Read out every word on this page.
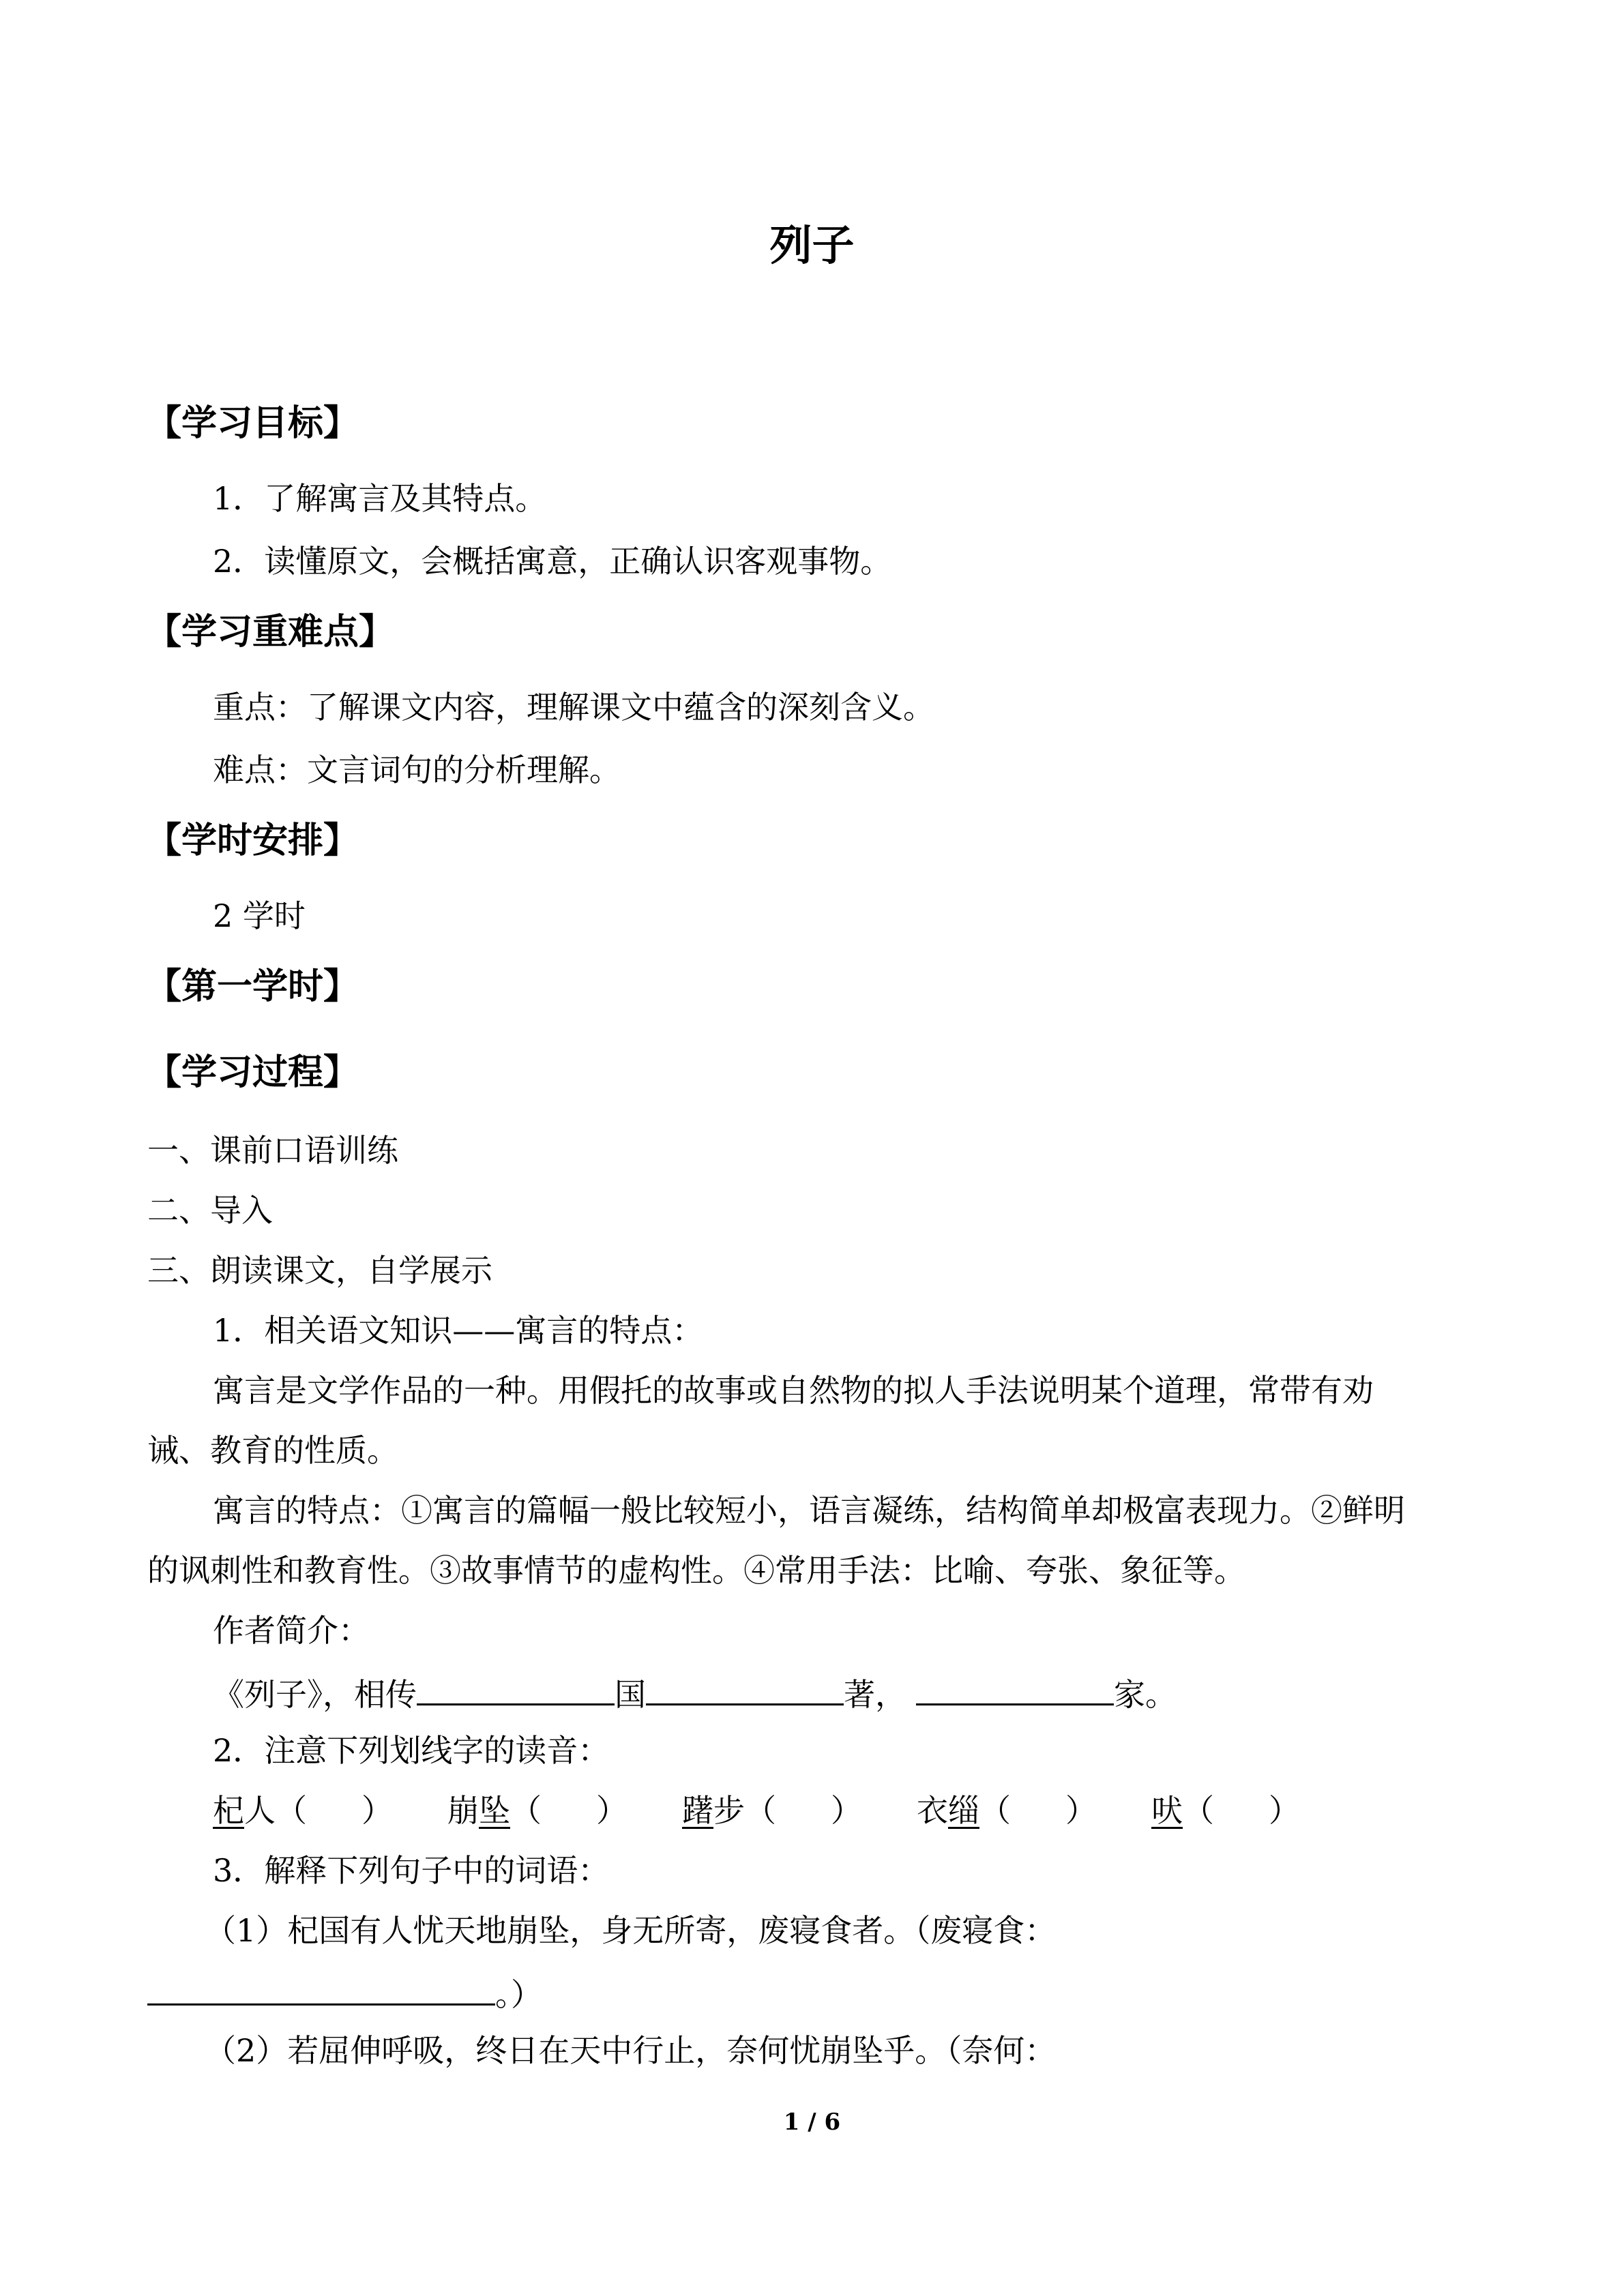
列子
【学习目标】
1．了解寓言及其特点。
2．读懂原文，会概括寓意，正确认识客观事物。
【学习重难点】
重点：了解课文内容，理解课文中蕴含的深刻含义。
难点：文言词句的分析理解。
【学时安排】
2 学时
【第一学时】
【学习过程】
一、课前口语训练
二、导入
三、朗读课文，自学展示
1．相关语文知识——寓言的特点：
寓言是文学作品的一种。用假托的故事或自然物的拟人手法说明某个道理，常带有劝
诫、教育的性质。
寓言的特点：①寓言的篇幅一般比较短小，语言凝练，结构简单却极富表现力。②鲜明
的讽刺性和教育性。③故事情节的虚构性。④常用手法：比喻、夸张、象征等。
作者简介：
《列子》，相传	国	著，	家。
2．注意下列划线字的读音：
杞人（ ） 崩坠（ ） 躇步（ ） 衣缁（ ） 吠（ ）
3．解释下列句子中的词语：
（1）杞国有人忧天地崩坠，身无所寄，废寝食者。（废寝食：
。）
（2）若屈伸呼吸，终日在天中行止，奈何忧崩坠乎。（奈何：
1 / 6
